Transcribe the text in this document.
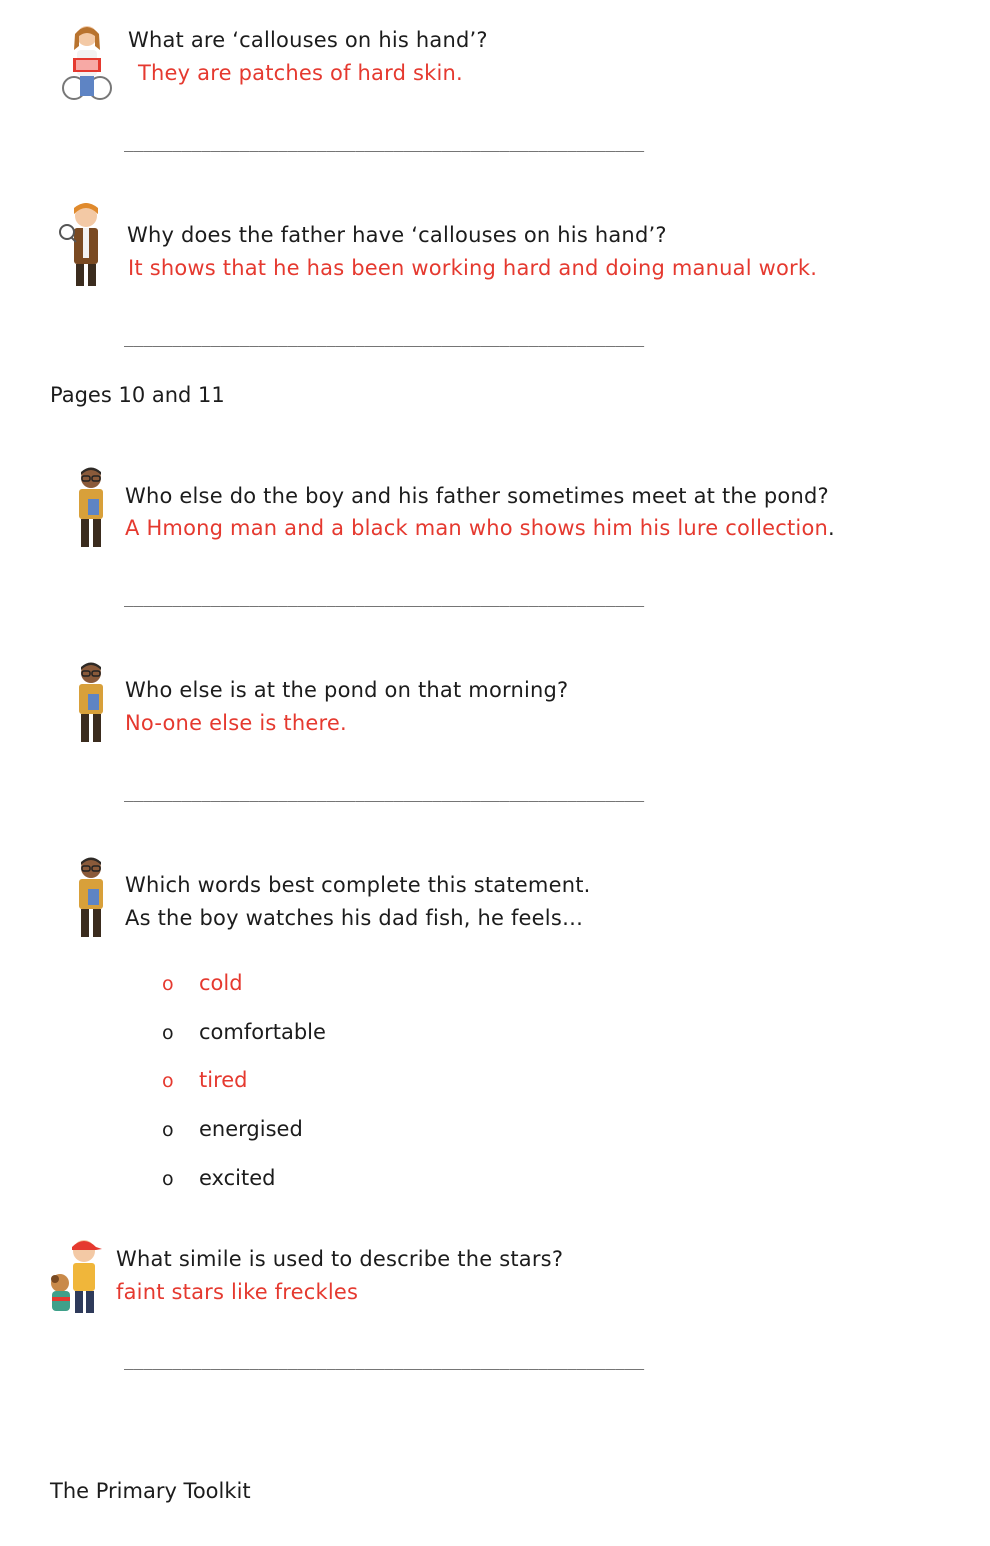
What are ‘callouses on his hand’?
They are patches of hard skin.
______________________________________________________
Why does the father have ‘callouses on his hand’?
It shows that he has been working hard and doing manual work.
______________________________________________________
Pages 10 and 11
Who else do the boy and his father sometimes meet at the pond?
A Hmong man and a black man who shows him his lure collection.
______________________________________________________
Who else is at the pond on that morning?
No-one else is there.
______________________________________________________
Which words best complete this statement.
As the boy watches his dad fish, he feels…
o cold
o comfortable
o tired
o energised
o excited
What simile is used to describe the stars?
faint stars like freckles
______________________________________________________
The Primary Toolkit
